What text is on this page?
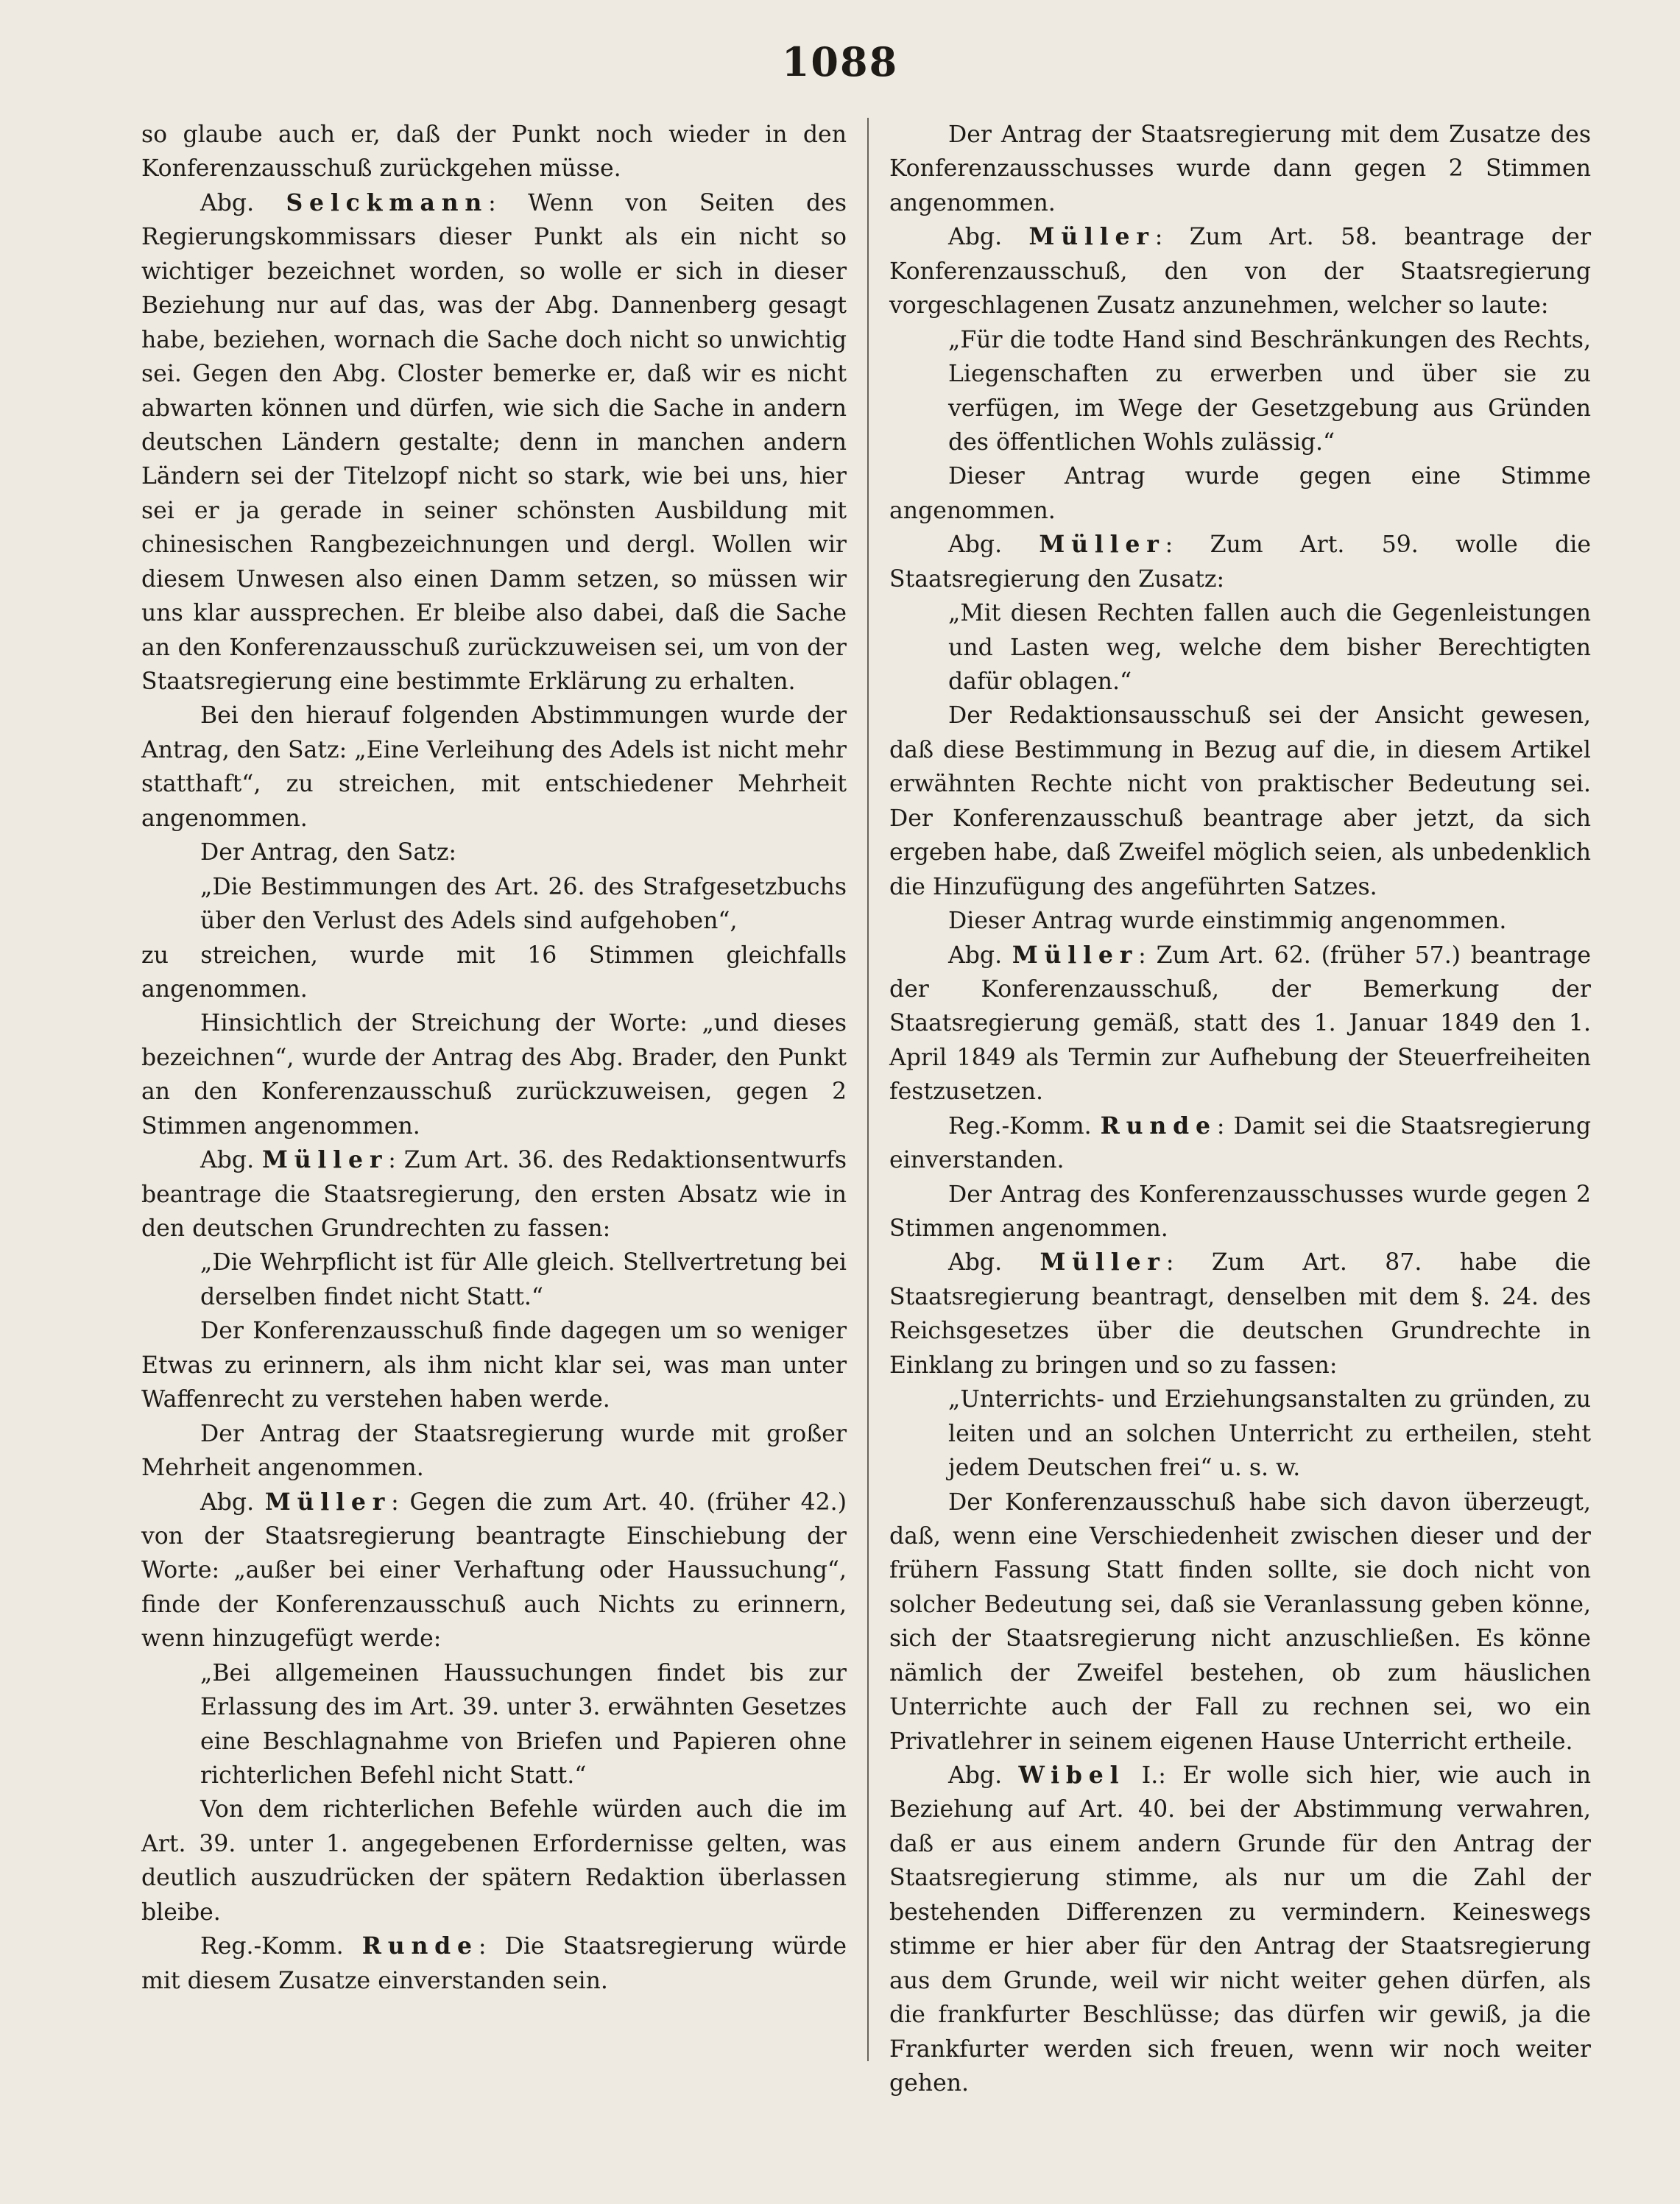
1088

so glaube auch er, daß der Punkt noch wieder in den Konferenzausschuß zurückgehen müsse.

Abg. Selckmann: Wenn von Seiten des Regierungskommissars dieser Punkt als ein nicht so wichtiger bezeichnet worden, so wolle er sich in dieser Beziehung nur auf das, was der Abg. Dannenberg gesagt habe, beziehen, wornach die Sache doch nicht so unwichtig sei. Gegen den Abg. Closter bemerke er, daß wir es nicht abwarten können und dürfen, wie sich die Sache in andern deutschen Ländern gestalte; denn in manchen andern Ländern sei der Titelzopf nicht so stark, wie bei uns, hier sei er ja gerade in seiner schönsten Ausbildung mit chinesischen Rangbezeichnungen und dergl. Wollen wir diesem Unwesen also einen Damm setzen, so müssen wir uns klar aussprechen. Er bleibe also dabei, daß die Sache an den Konferenzausschuß zurückzuweisen sei, um von der Staatsregierung eine bestimmte Erklärung zu erhalten.

Bei den hierauf folgenden Abstimmungen wurde der Antrag, den Satz: „Eine Verleihung des Adels ist nicht mehr statthaft“, zu streichen, mit entschiedener Mehrheit angenommen.

Der Antrag, den Satz:

„Die Bestimmungen des Art. 26. des Strafgesetzbuchs über den Verlust des Adels sind aufgehoben“,

zu streichen, wurde mit 16 Stimmen gleichfalls angenommen.

Hinsichtlich der Streichung der Worte: „und dieses bezeichnen“, wurde der Antrag des Abg. Brader, den Punkt an den Konferenzausschuß zurückzuweisen, gegen 2 Stimmen angenommen.

Abg. Müller: Zum Art. 36. des Redaktionsentwurfs beantrage die Staatsregierung, den ersten Absatz wie in den deutschen Grundrechten zu fassen:

„Die Wehrpflicht ist für Alle gleich. Stellvertretung bei derselben findet nicht Statt.“

Der Konferenzausschuß finde dagegen um so weniger Etwas zu erinnern, als ihm nicht klar sei, was man unter Waffenrecht zu verstehen haben werde.

Der Antrag der Staatsregierung wurde mit großer Mehrheit angenommen.

Abg. Müller: Gegen die zum Art. 40. (früher 42.) von der Staatsregierung beantragte Einschiebung der Worte: „außer bei einer Verhaftung oder Haussuchung“, finde der Konferenzausschuß auch Nichts zu erinnern, wenn hinzugefügt werde:

„Bei allgemeinen Haussuchungen findet bis zur Erlassung des im Art. 39. unter 3. erwähnten Gesetzes eine Beschlagnahme von Briefen und Papieren ohne richterlichen Befehl nicht Statt.“

Von dem richterlichen Befehle würden auch die im Art. 39. unter 1. angegebenen Erfordernisse gelten, was deutlich auszudrücken der spätern Redaktion überlassen bleibe.

Reg.-Komm. Runde: Die Staatsregierung würde mit diesem Zusatze einverstanden sein.

Der Antrag der Staatsregierung mit dem Zusatze des Konferenzausschusses wurde dann gegen 2 Stimmen angenommen.

Abg. Müller: Zum Art. 58. beantrage der Konferenzausschuß, den von der Staatsregierung vorgeschlagenen Zusatz anzunehmen, welcher so laute:

„Für die todte Hand sind Beschränkungen des Rechts, Liegenschaften zu erwerben und über sie zu verfügen, im Wege der Gesetzgebung aus Gründen des öffentlichen Wohls zulässig.“

Dieser Antrag wurde gegen eine Stimme angenommen.

Abg. Müller: Zum Art. 59. wolle die Staatsregierung den Zusatz:

„Mit diesen Rechten fallen auch die Gegenleistungen und Lasten weg, welche dem bisher Berechtigten dafür oblagen.“

Der Redaktionsausschuß sei der Ansicht gewesen, daß diese Bestimmung in Bezug auf die, in diesem Artikel erwähnten Rechte nicht von praktischer Bedeutung sei. Der Konferenzausschuß beantrage aber jetzt, da sich ergeben habe, daß Zweifel möglich seien, als unbedenklich die Hinzufügung des angeführten Satzes.

Dieser Antrag wurde einstimmig angenommen.

Abg. Müller: Zum Art. 62. (früher 57.) beantrage der Konferenzausschuß, der Bemerkung der Staatsregierung gemäß, statt des 1. Januar 1849 den 1. April 1849 als Termin zur Aufhebung der Steuerfreiheiten festzusetzen.

Reg.-Komm. Runde: Damit sei die Staatsregierung einverstanden.

Der Antrag des Konferenzausschusses wurde gegen 2 Stimmen angenommen.

Abg. Müller: Zum Art. 87. habe die Staatsregierung beantragt, denselben mit dem §. 24. des Reichsgesetzes über die deutschen Grundrechte in Einklang zu bringen und so zu fassen:

„Unterrichts- und Erziehungsanstalten zu gründen, zu leiten und an solchen Unterricht zu ertheilen, steht jedem Deutschen frei“ u. s. w.

Der Konferenzausschuß habe sich davon überzeugt, daß, wenn eine Verschiedenheit zwischen dieser und der frühern Fassung Statt finden sollte, sie doch nicht von solcher Bedeutung sei, daß sie Veranlassung geben könne, sich der Staatsregierung nicht anzuschließen. Es könne nämlich der Zweifel bestehen, ob zum häuslichen Unterrichte auch der Fall zu rechnen sei, wo ein Privatlehrer in seinem eigenen Hause Unterricht ertheile.

Abg. Wibel I.: Er wolle sich hier, wie auch in Beziehung auf Art. 40. bei der Abstimmung verwahren, daß er aus einem andern Grunde für den Antrag der Staatsregierung stimme, als nur um die Zahl der bestehenden Differenzen zu vermindern. Keineswegs stimme er hier aber für den Antrag der Staatsregierung aus dem Grunde, weil wir nicht weiter gehen dürfen, als die frankfurter Beschlüsse; das dürfen wir gewiß, ja die Frankfurter werden sich freuen, wenn wir noch weiter gehen.
